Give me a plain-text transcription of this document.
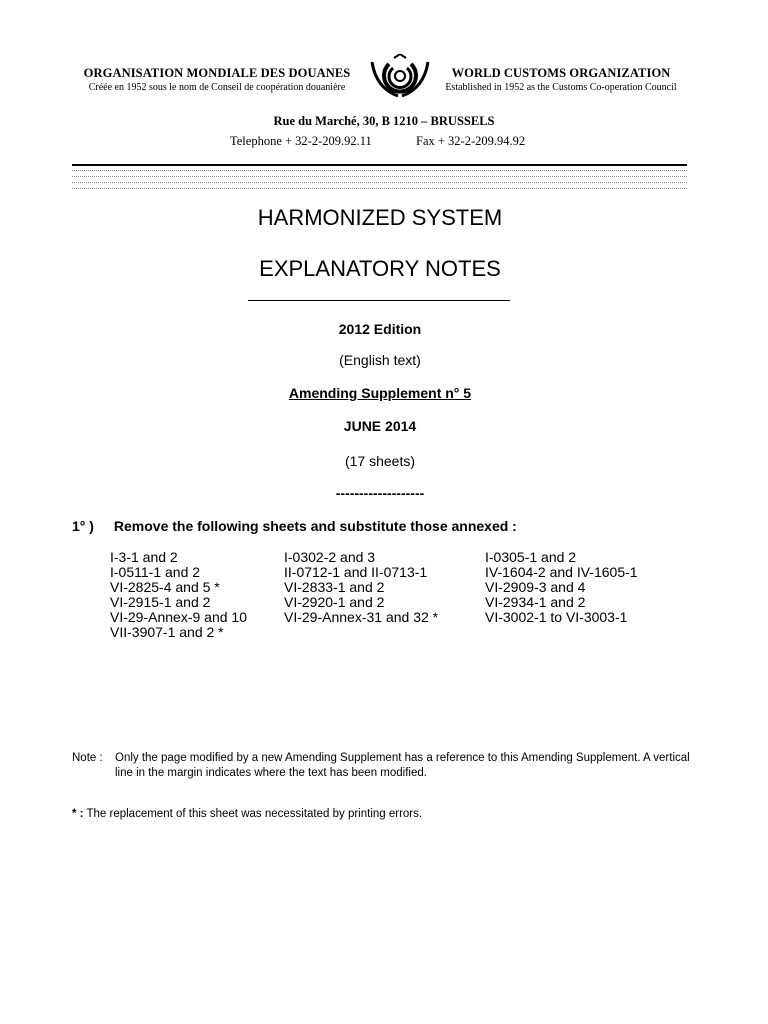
ORGANISATION MONDIALE DES DOUANES
Créée en 1952 sous le nom de Conseil de coopération douanière
WORLD CUSTOMS ORGANIZATION
Established in 1952 as the Customs Co-operation Council
Rue du Marché, 30, B 1210 – BRUSSELS
Telephone + 32-2-209.92.11	Fax + 32-2-209.94.92
HARMONIZED SYSTEM
EXPLANATORY NOTES
2012 Edition
(English text)
Amending Supplement n° 5
JUNE 2014
(17 sheets)
-------------------
1° ) Remove the following sheets and substitute those annexed :
I-3-1 and 2
I-0511-1 and 2
VI-2825-4 and 5 *
VI-2915-1 and 2
VI-29-Annex-9 and 10
VII-3907-1 and 2 *
I-0302-2 and 3
II-0712-1 and II-0713-1
VI-2833-1 and 2
VI-2920-1 and 2
VI-29-Annex-31 and 32 *
I-0305-1 and 2
IV-1604-2 and IV-1605-1
VI-2909-3 and 4
VI-2934-1 and 2
VI-3002-1 to VI-3003-1
Note : Only the page modified by a new Amending Supplement has a reference to this Amending Supplement. A vertical line in the margin indicates where the text has been modified.
* : The replacement of this sheet was necessitated by printing errors.
